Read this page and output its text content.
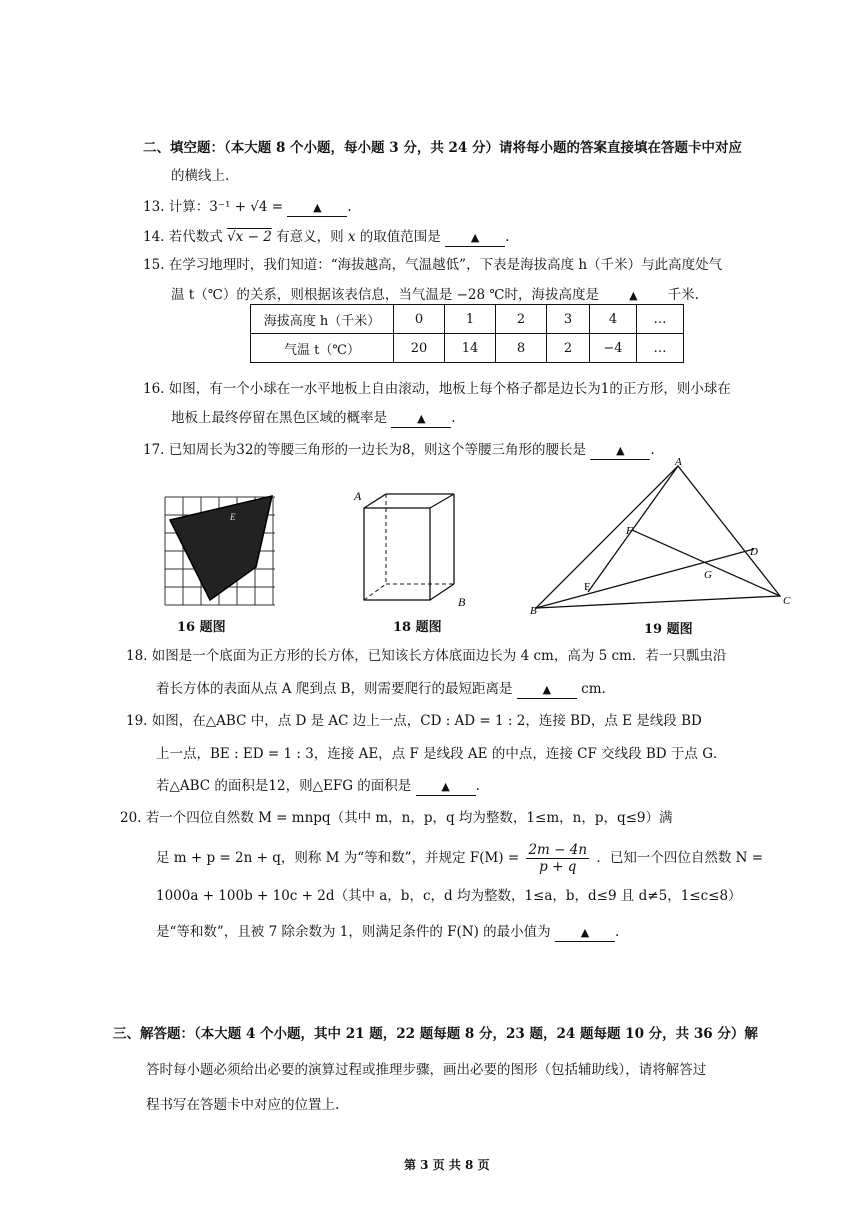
二、填空题：（本大题 8 个小题，每小题 3 分，共 24 分）请将每小题的答案直接填在答题卡中对应
的横线上.
13. 计算：3⁻¹ + √4 =	▲ .
14. 若代数式 √x − 2 有意义，则 x 的取值范围是	▲ .
15. 在学习地理时，我们知道：“海拔越高，气温越低”，下表是海拔高度 h（千米）与此高度处气
温 t（℃）的关系，则根据该表信息，当气温是 −28 ℃时，海拔高度是	▲ 千米.
海拔高度 h（千米）	0	1	2	3	4	…
气温 t（℃）	20	14	8	2	−4	…
16. 如图，有一个小球在一水平地板上自由滚动，地板上每个格子都是边长为1的正方形，则小球在
地板上最终停留在黑色区域的概率是	▲ .
17. 已知周长为32的等腰三角形的一边长为8，则这个等腰三角形的腰长是	▲ .
E
16 题图
A
B
18 题图
A
B
C
D
E
F
G
19 题图
18. 如图是一个底面为正方形的长方体，已知该长方体底面边长为 4 cm，高为 5 cm．若一只瓢虫沿
着长方体的表面从点 A 爬到点 B，则需要爬行的最短距离是	▲ cm.
19. 如图，在△ABC 中，点 D 是 AC 边上一点，CD : AD = 1 : 2，连接 BD，点 E 是线段 BD
上一点，BE : ED = 1 : 3，连接 AE，点 F 是线段 AE 的中点，连接 CF 交线段 BD 于点 G．
若△ABC 的面积是12，则△EFG 的面积是	▲ .
20. 若一个四位自然数 M = mnpq（其中 m，n，p，q 均为整数，1≤m，n，p，q≤9）满
足 m + p = 2n + q，则称 M 为“等和数”，并规定 $F(M) = \frac{2m - 4n}{p + q}$ ．已知一个四位自然数 N =
1000a + 100b + 10c + 2d（其中 a，b，c，d 均为整数，1≤a，b，d≤9 且 d≠5，1≤c≤8）
是“等和数”，且被 7 除余数为 1，则满足条件的 F(N) 的最小值为	▲ .
三、解答题：（本大题 4 个小题，其中 21 题，22 题每题 8 分，23 题，24 题每题 10 分，共 36 分）解
答时每小题必须给出必要的演算过程或推理步骤，画出必要的图形（包括辅助线），请将解答过
程书写在答题卡中对应的位置上.
第 3 页 共 8 页
